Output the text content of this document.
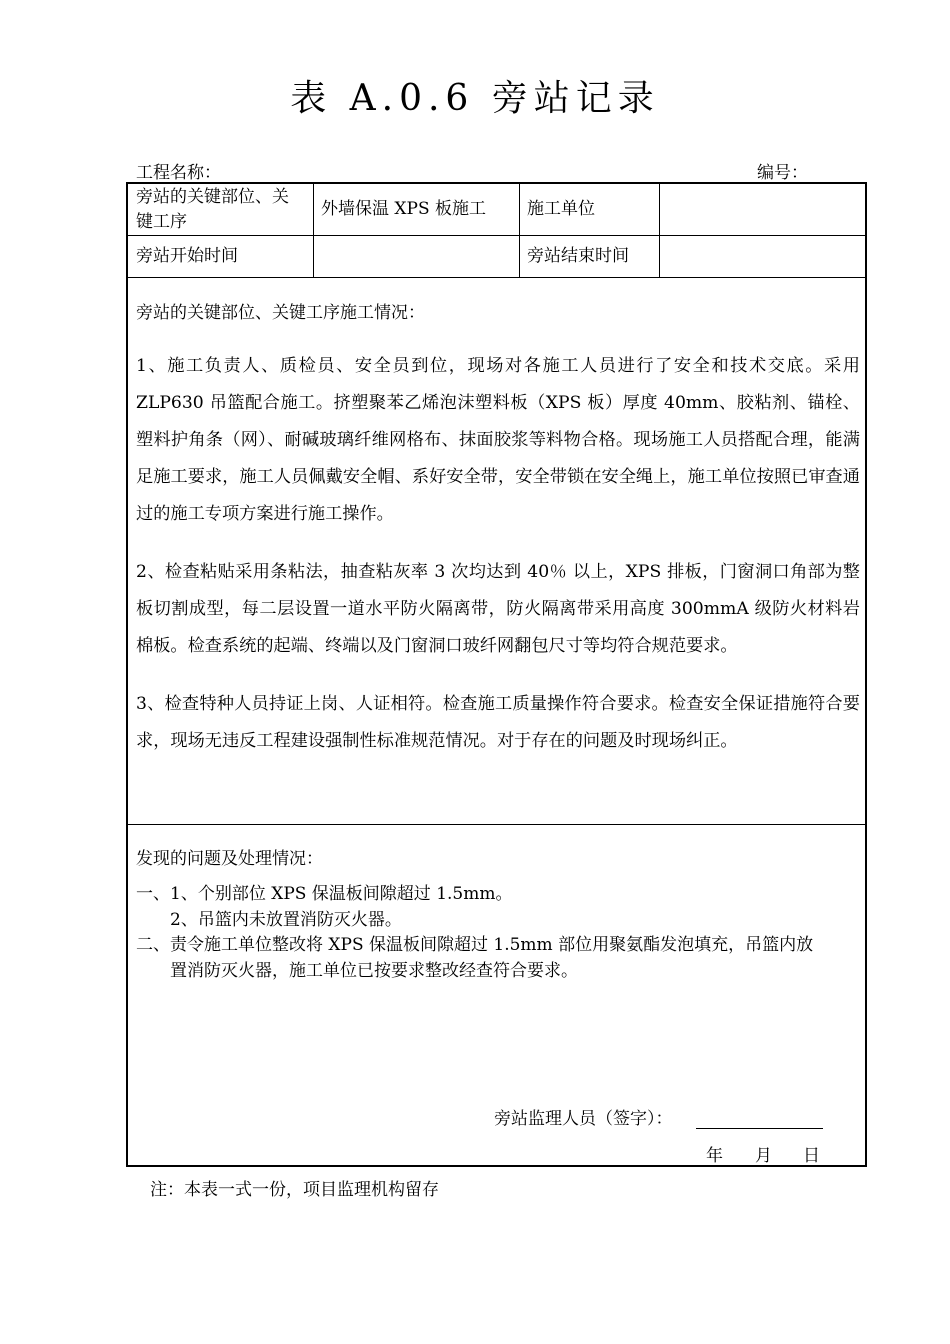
表 A.0.6 旁站记录
工程名称：	编号：
旁站的关键部位、关
键工序
外墙保温 XPS 板施工 施工单位
旁站开始时间	旁站结束时间
旁站的关键部位、关键工序施工情况：

1、施工负责人、质检员、安全员到位，现场对各施工人员进行了安全和技术交底。采用 ZLP630 吊篮配合施工。挤塑聚苯乙烯泡沫塑料板（XPS 板）厚度 40mm、胶粘剂、锚栓、塑料护角条（网）、耐碱玻璃纤维网格布、抹面胶浆等料物合格。现场施工人员搭配合理，能满足施工要求，施工人员佩戴安全帽、系好安全带，安全带锁在安全绳上，施工单位按照已审查通过的施工专项方案进行施工操作。

2、检查粘贴采用条粘法，抽查粘灰率 3 次均达到 40％ 以上，XPS 排板，门窗洞口角部为整板切割成型，每二层设置一道水平防火隔离带，防火隔离带采用高度 300mmA 级防火材料岩棉板。检查系统的起端、终端以及门窗洞口玻纤网翻包尺寸等均符合规范要求。

3、检查特种人员持证上岗、人证相符。检查施工质量操作符合要求。检查安全保证措施符合要求，现场无违反工程建设强制性标准规范情况。对于存在的问题及时现场纠正。

发现的问题及处理情况：
一、1、个别部位 XPS 保温板间隙超过 1.5mm。
2、吊篮内未放置消防灭火器。
二、责令施工单位整改将 XPS 保温板间隙超过 1.5mm 部位用聚氨酯发泡填充，吊篮内放
置消防灭火器，施工单位已按要求整改经查符合要求。
旁站监理人员（签字）：
年 月 日
注：本表一式一份，项目监理机构留存
